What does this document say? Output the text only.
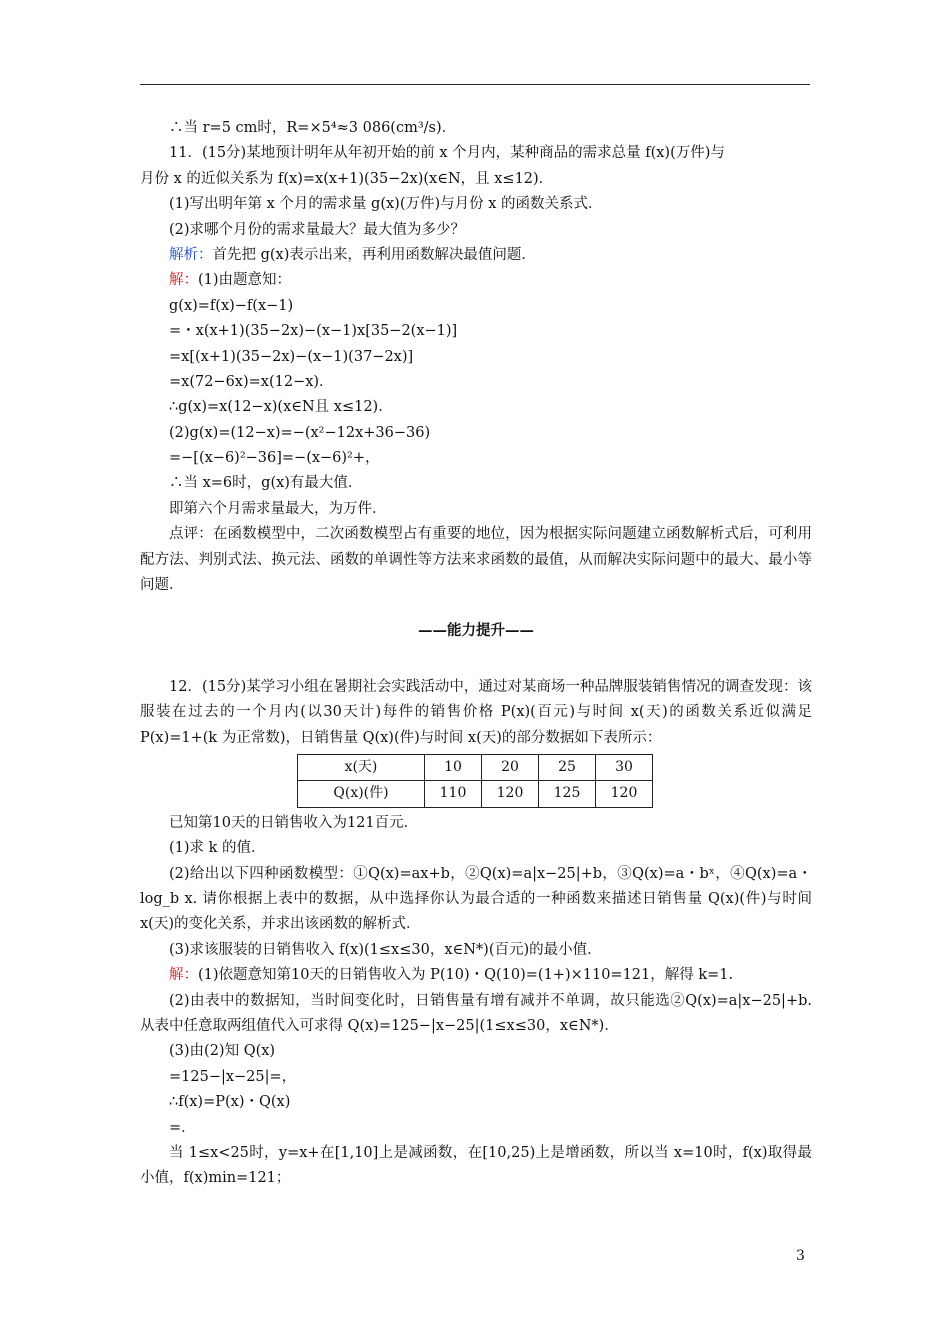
∴当 r=5 cm时，R=×5⁴≈3 086(cm³/s)．
11．(15分)某地预计明年从年初开始的前 x 个月内，某种商品的需求总量 f(x)(万件)与
月份 x 的近似关系为 f(x)=x(x+1)(35−2x)(x∈N，且 x≤12)．
(1)写出明年第 x 个月的需求量 g(x)(万件)与月份 x 的函数关系式．
(2)求哪个月份的需求量最大？最大值为多少？
解析：首先把 g(x)表示出来，再利用函数解决最值问题．
解：(1)由题意知：
g(x)=f(x)−f(x−1)
=・x(x+1)(35−2x)−(x−1)x[35−2(x−1)]
=x[(x+1)(35−2x)−(x−1)(37−2x)]
=x(72−6x)=x(12−x)．
∴g(x)=x(12−x)(x∈N且 x≤12)．
(2)g(x)=(12−x)=−(x²−12x+36−36)
=−[(x−6)²−36]=−(x−6)²+，
∴当 x=6时，g(x)有最大值．
即第六个月需求量最大，为万件．
点评：在函数模型中，二次函数模型占有重要的地位，因为根据实际问题建立函数解析式后，可利用配方法、判别式法、换元法、函数的单调性等方法来求函数的最值，从而解决实际问题中的最大、最小等问题．
——能力提升——
12．(15分)某学习小组在暑期社会实践活动中，通过对某商场一种品牌服装销售情况的调查发现：该服装在过去的一个月内(以30天计)每件的销售价格 P(x)(百元)与时间 x(天)的函数关系近似满足 P(x)=1+(k 为正常数)，日销售量 Q(x)(件)与时间 x(天)的部分数据如下表所示：
x(天)	10	20	25	30
Q(x)(件)	110	120	125	120
已知第10天的日销售收入为121百元．
(1)求 k 的值．
(2)给出以下四种函数模型：①Q(x)=ax+b，②Q(x)=a|x−25|+b，③Q(x)=a・bˣ，④Q(x)=a・log_b x. 请你根据上表中的数据，从中选择你认为最合适的一种函数来描述日销售量 Q(x)(件)与时间 x(天)的变化关系，并求出该函数的解析式．
(3)求该服装的日销售收入 f(x)(1≤x≤30，x∈N*)(百元)的最小值．
解：(1)依题意知第10天的日销售收入为 P(10)・Q(10)=(1+)×110=121，解得 k=1.
(2)由表中的数据知，当时间变化时，日销售量有增有减并不单调，故只能选②Q(x)=a|x−25|+b. 从表中任意取两组值代入可求得 Q(x)=125−|x−25|(1≤x≤30，x∈N*)．
(3)由(2)知 Q(x)
=125−|x−25|=，
∴f(x)=P(x)・Q(x)
=．
当 1≤x<25时，y=x+在[1,10]上是减函数，在[10,25)上是增函数，所以当 x=10时，f(x)取得最小值，f(x)min=121；
3
